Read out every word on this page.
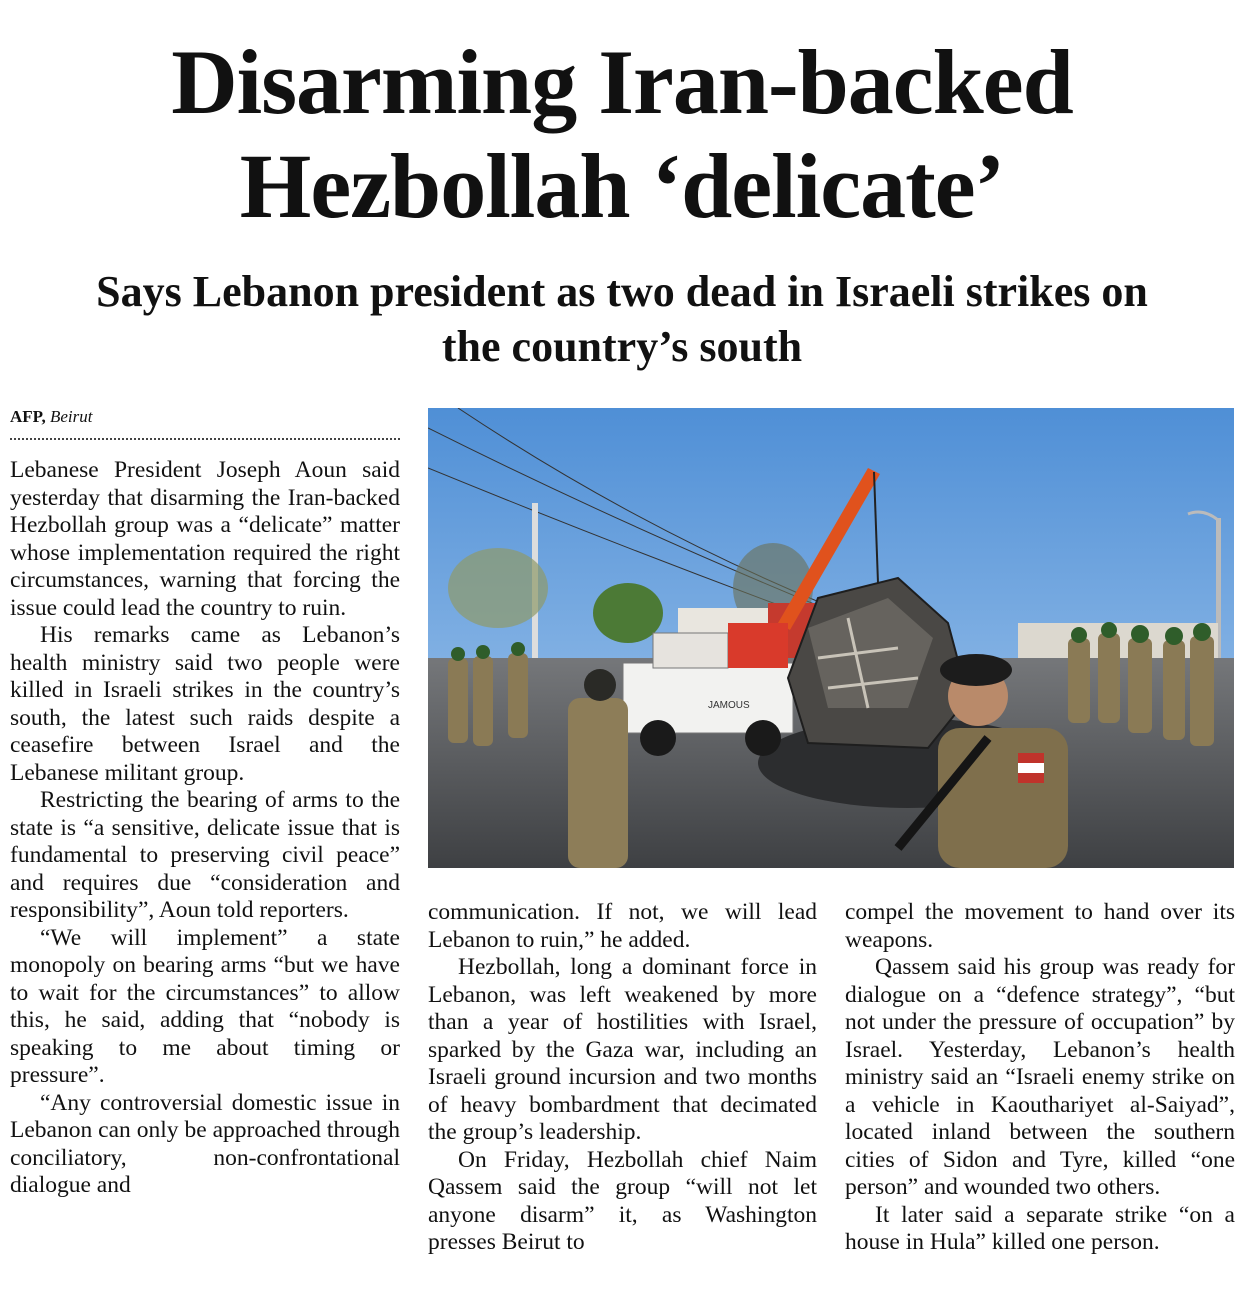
Disarming Iran-backed
Hezbollah ‘delicate’
Says Lebanon president as two dead in Israeli strikes on
the country’s south

AFP, Beirut

Lebanese President Joseph Aoun said yesterday that disarming the Iran-backed Hezbollah group was a “delicate” matter whose implementation required the right circumstances, warning that forcing the issue could lead the country to ruin.

His remarks came as Lebanon’s health ministry said two people were killed in Israeli strikes in the country’s south, the latest such raids despite a ceasefire between Israel and the Lebanese militant group.

Restricting the bearing of arms to the state is “a sensitive, delicate issue that is fundamental to preserving civil peace” and requires due “consideration and responsibility”, Aoun told reporters.

“We will implement” a state monopoly on bearing arms “but we have to wait for the circumstances” to allow this, he said, adding that “nobody is speaking to me about timing or pressure”.

“Any controversial domestic issue in Lebanon can only be approached through conciliatory, non-confrontational dialogue and

JAMOUS

communication. If not, we will lead Lebanon to ruin,” he added.

Hezbollah, long a dominant force in Lebanon, was left weakened by more than a year of hostilities with Israel, sparked by the Gaza war, including an Israeli ground incursion and two months of heavy bombardment that decimated the group’s leadership.

On Friday, Hezbollah chief Naim Qassem said the group “will not let anyone disarm” it, as Washington presses Beirut to

compel the movement to hand over its weapons.

Qassem said his group was ready for dialogue on a “defence strategy”, “but not under the pressure of occupation” by Israel. Yesterday, Lebanon’s health ministry said an “Israeli enemy strike on a vehicle in Kaouthariyet al-Saiyad”, located inland between the southern cities of Sidon and Tyre, killed “one person” and wounded two others.

It later said a separate strike “on a house in Hula” killed one person.
